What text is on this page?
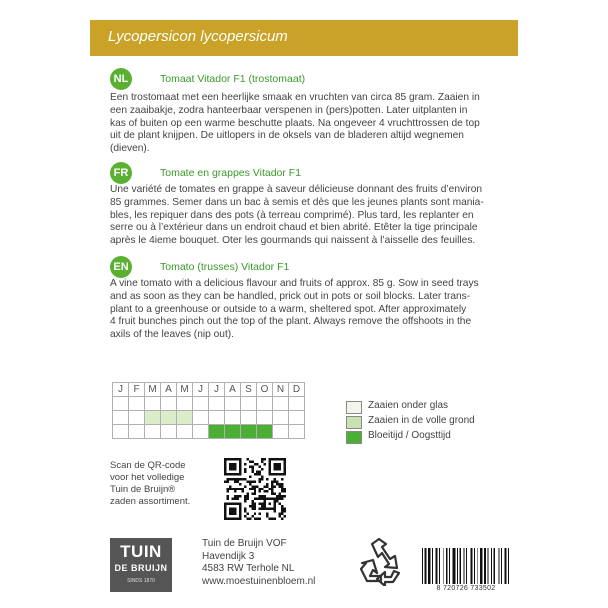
Lycopersicon lycopersicum
NL	Tomaat Vitador F1 (trostomaat)
Een trostomaat met een heerlijke smaak en vruchten van circa 85 gram. Zaaien in
een zaaibakje, zodra hanteerbaar verspenen in (pers)potten. Later uitplanten in
kas of buiten op een warme beschutte plaats. Na ongeveer 4 vruchttrossen de top
uit de plant knijpen. De uitlopers in de oksels van de bladeren altijd wegnemen
(dieven).
FR	Tomate en grappes Vitador F1
Une variété de tomates en grappe à saveur délicieuse donnant des fruits d’environ
85 grammes. Semer dans un bac à semis et dès que les jeunes plants sont mania-
bles, les repiquer dans des pots (à terreau comprimé). Plus tard, les replanter en
serre ou à l’extérieur dans un endroit chaud et bien abrité. Etêter la tige principale
après le 4ieme bouquet. Oter les gourmands qui naissent à l’aisselle des feuilles.
EN	Tomato (trusses) Vitador F1
A vine tomato with a delicious flavour and fruits of approx. 85 g. Sow in seed trays
and as soon as they can be handled, prick out in pots or soil blocks. Later trans-
plant to a greenhouse or outside to a warm, sheltered spot. After approximately
4 fruit bunches pinch out the top of the plant. Always remove the offshoots in the
axils of the leaves (nip out).
J	F	M	A	M	J	J	A	S	O	N	D

Zaaien onder glas
Zaaien in de volle grond
Bloeitijd / Oogsttijd
Scan de QR-code
voor het volledige
Tuin de Bruijn®
zaden assortiment.
TUIN
DE BRUIJN
SINDS 1870
Tuin de Bruijn VOF
Havendijk 3
4583 RW Terhole NL
www.moestuinenbloem.nl
8 720726 733502
